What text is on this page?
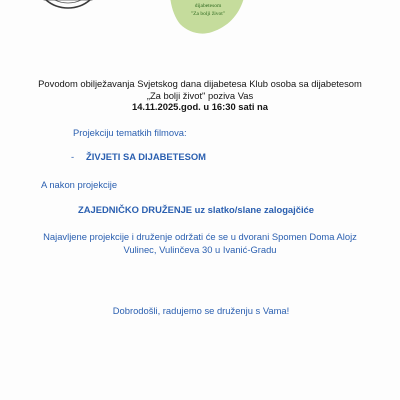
dijabetesom
"Za bolji život"
Povodom obilježavanja Svjetskog dana dijabetesa Klub osoba sa dijabetesom
„Za bolji život" poziva Vas
14.11.2025.god. u 16:30 sati na
Projekciju tematkih filmova:
- ŽIVJETI SA DIJABETESOM
A nakon projekcije
ZAJEDNIČKO DRUŽENJE uz slatko/slane zalogajčiće
Najavljene projekcije i druženje održati će se u dvorani Spomen Doma Alojz
Vulinec, Vulinčeva 30 u Ivanić-Gradu
Dobrodošli, radujemo se druženju s Vama!
